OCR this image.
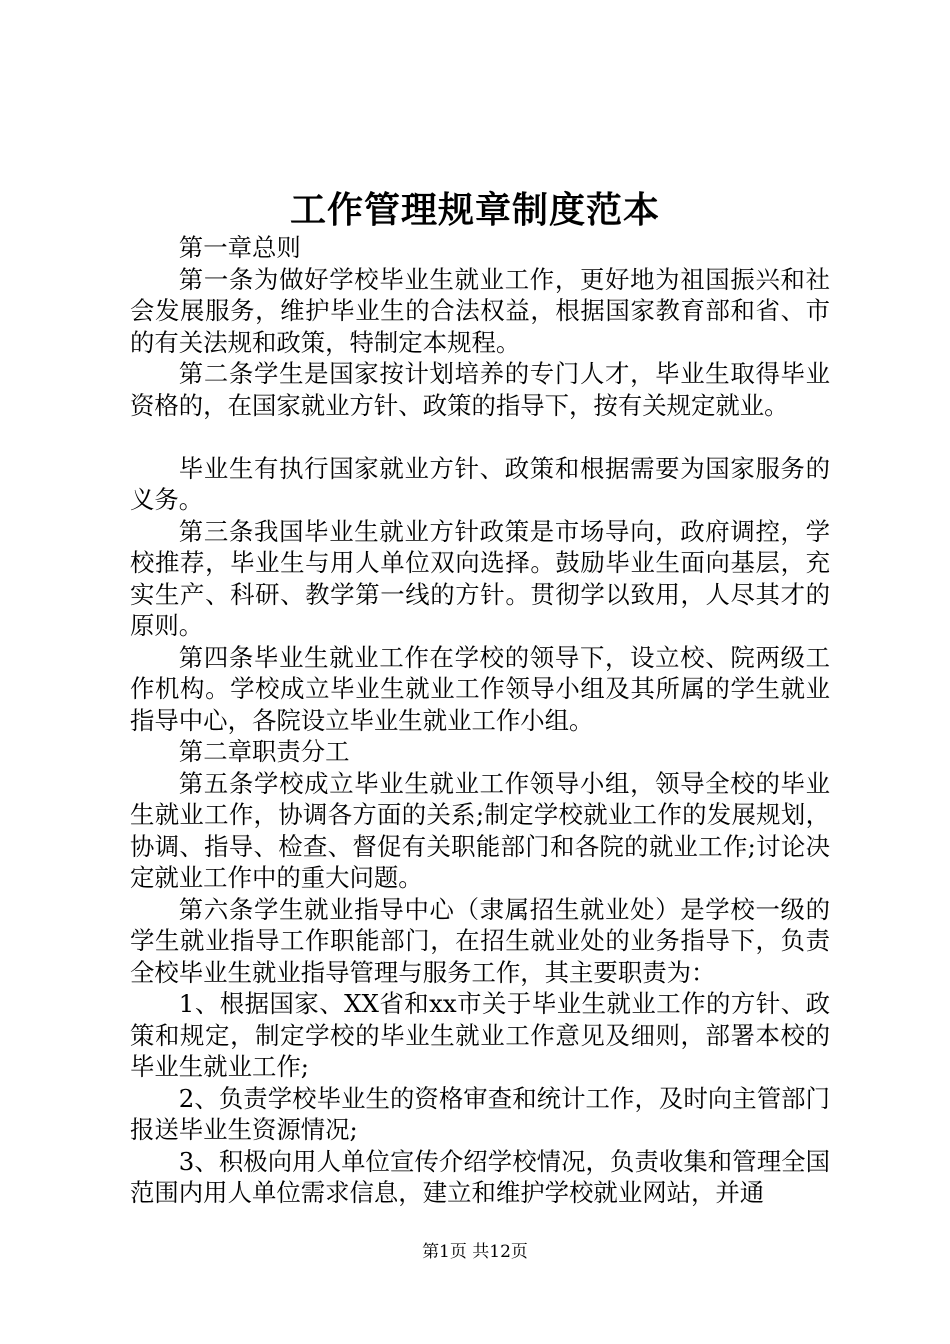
工作管理规章制度范本

第一章总则

第一条为做好学校毕业生就业工作，更好地为祖国振兴和社会发展服务，维护毕业生的合法权益，根据国家教育部和省、市的有关法规和政策，特制定本规程。

第二条学生是国家按计划培养的专门人才，毕业生取得毕业资格的，在国家就业方针、政策的指导下，按有关规定就业。

毕业生有执行国家就业方针、政策和根据需要为国家服务的义务。

第三条我国毕业生就业方针政策是市场导向，政府调控，学校推荐，毕业生与用人单位双向选择。鼓励毕业生面向基层，充实生产、科研、教学第一线的方针。贯彻学以致用，人尽其才的原则。

第四条毕业生就业工作在学校的领导下，设立校、院两级工作机构。学校成立毕业生就业工作领导小组及其所属的学生就业指导中心，各院设立毕业生就业工作小组。

第二章职责分工

第五条学校成立毕业生就业工作领导小组，领导全校的毕业生就业工作，协调各方面的关系;制定学校就业工作的发展规划，协调、指导、检查、督促有关职能部门和各院的就业工作;讨论决定就业工作中的重大问题。

第六条学生就业指导中心（隶属招生就业处）是学校一级的学生就业指导工作职能部门，在招生就业处的业务指导下，负责全校毕业生就业指导管理与服务工作，其主要职责为：

1、根据国家、XX省和xx市关于毕业生就业工作的方针、政策和规定，制定学校的毕业生就业工作意见及细则，部署本校的毕业生就业工作;

2、负责学校毕业生的资格审查和统计工作，及时向主管部门报送毕业生资源情况;

3、积极向用人单位宣传介绍学校情况，负责收集和管理全国范围内用人单位需求信息，建立和维护学校就业网站，并通

第1页 共12页
